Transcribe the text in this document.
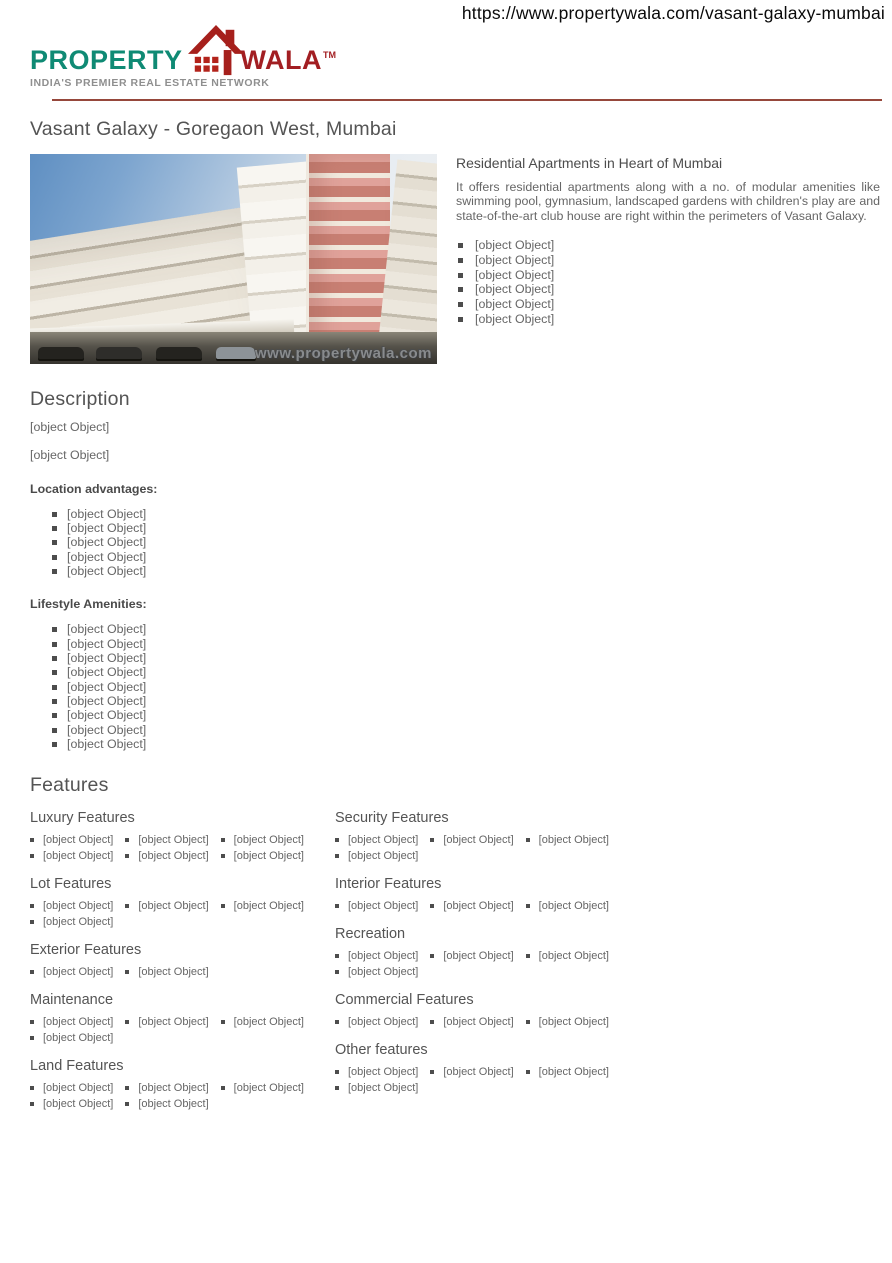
https://www.propertywala.com/vasant-galaxy-mumbai
PROPERTY WALA TM
INDIA'S PREMIER REAL ESTATE NETWORK
Vasant Galaxy - Goregaon West, Mumbai
www.propertywala.com
Residential Apartments in Heart of Mumbai

It offers residential apartments along with a no. of modular amenities like swimming pool, gymnasium, landscaped gardens with children's play are and state-of-the-art club house are right within the perimeters of Vasant Galaxy.

[object Object]
[object Object]
[object Object]
[object Object]
[object Object]
[object Object]
Description

[object Object]

[object Object]

Location advantages:
[object Object]
[object Object]
[object Object]
[object Object]
[object Object]
Lifestyle Amenities:
[object Object]
[object Object]
[object Object]
[object Object]
[object Object]
[object Object]
[object Object]
[object Object]
[object Object]
Features
Luxury Features
[object Object] [object Object] [object Object]
[object Object] [object Object] [object Object]
Lot Features
[object Object] [object Object] [object Object]
[object Object]
Exterior Features
[object Object] [object Object]
Maintenance
[object Object] [object Object] [object Object]
[object Object]
Land Features
[object Object] [object Object] [object Object]
[object Object] [object Object]
Security Features
[object Object] [object Object] [object Object]
[object Object]
Interior Features
[object Object] [object Object] [object Object]
Recreation
[object Object] [object Object] [object Object]
[object Object]
Commercial Features
[object Object] [object Object] [object Object]
Other features
[object Object] [object Object] [object Object]
[object Object]
